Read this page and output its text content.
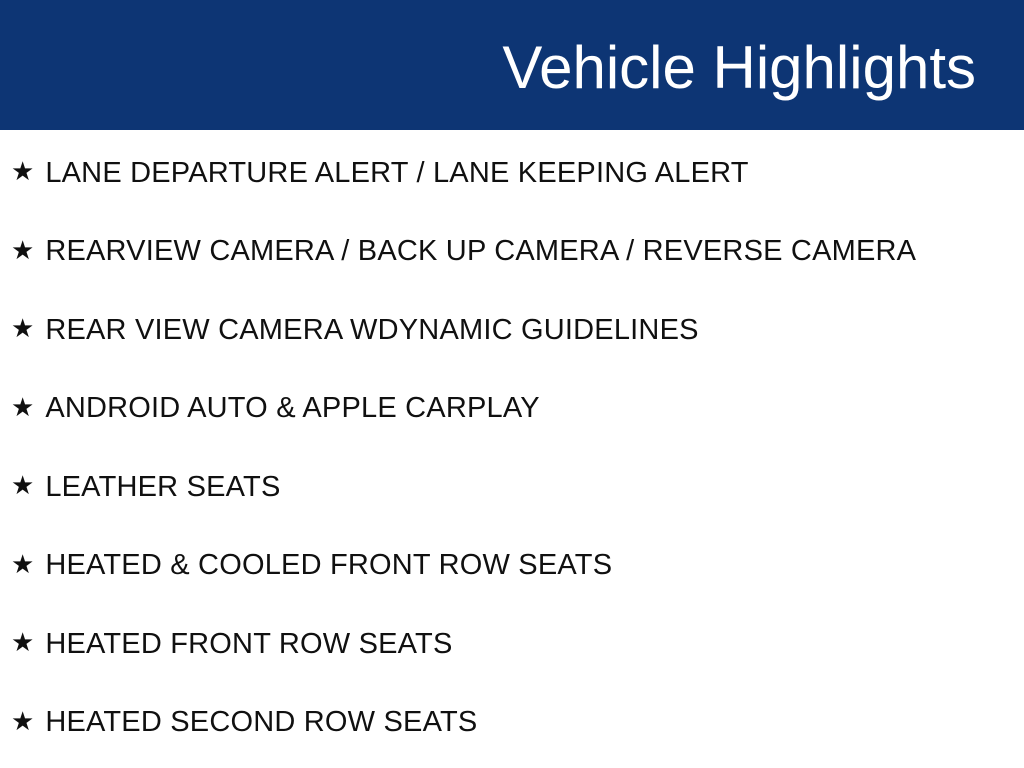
Vehicle Highlights
★ LANE DEPARTURE ALERT / LANE KEEPING ALERT
★ REARVIEW CAMERA / BACK UP CAMERA / REVERSE CAMERA
★ REAR VIEW CAMERA WDYNAMIC GUIDELINES
★ ANDROID AUTO & APPLE CARPLAY
★ LEATHER SEATS
★ HEATED & COOLED FRONT ROW SEATS
★ HEATED FRONT ROW SEATS
★ HEATED SECOND ROW SEATS
